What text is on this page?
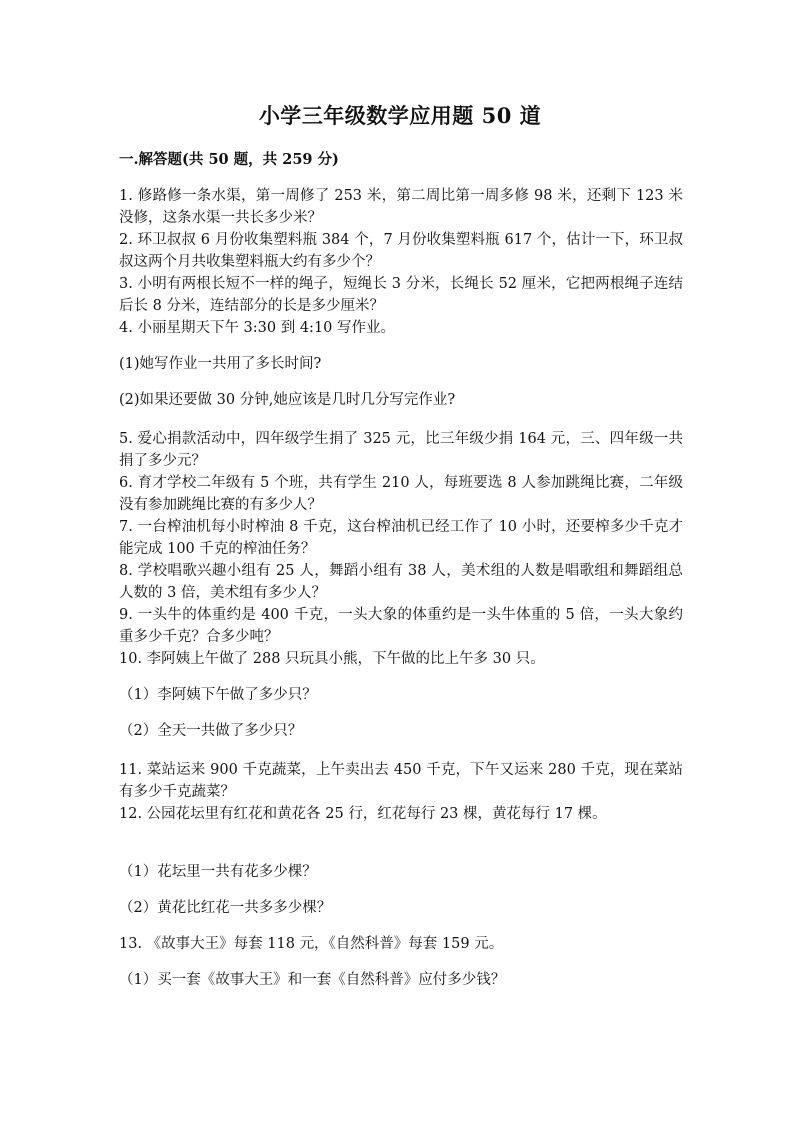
小学三年级数学应用题 50 道
一.解答题(共 50 题，共 259 分)

1. 修路修一条水渠，第一周修了 253 米，第二周比第一周多修 98 米，还剩下 123 米没修，这条水渠一共长多少米？

2. 环卫叔叔 6 月份收集塑料瓶 384 个，7 月份收集塑料瓶 617 个，估计一下，环卫叔叔这两个月共收集塑料瓶大约有多少个？

3. 小明有两根长短不一样的绳子，短绳长 3 分米，长绳长 52 厘米，它把两根绳子连结后长 8 分米，连结部分的长是多少厘米？

4. 小丽星期天下午 3:30 到 4:10 写作业。

(1)她写作业一共用了多长时间?

(2)如果还要做 30 分钟,她应该是几时几分写完作业?

5. 爱心捐款活动中，四年级学生捐了 325 元，比三年级少捐 164 元，三、四年级一共捐了多少元？

6. 育才学校二年级有 5 个班，共有学生 210 人，每班要选 8 人参加跳绳比赛，二年级没有参加跳绳比赛的有多少人？

7. 一台榨油机每小时榨油 8 千克，这台榨油机已经工作了 10 小时，还要榨多少千克才能完成 100 千克的榨油任务？

8. 学校唱歌兴趣小组有 25 人，舞蹈小组有 38 人，美术组的人数是唱歌组和舞蹈组总人数的 3 倍，美术组有多少人？

9. 一头牛的体重约是 400 千克，一头大象的体重约是一头牛体重的 5 倍，一头大象约重多少千克？合多少吨？

10. 李阿姨上午做了 288 只玩具小熊，下午做的比上午多 30 只。

（1）李阿姨下午做了多少只？

（2）全天一共做了多少只？

11. 菜站运来 900 千克蔬菜，上午卖出去 450 千克，下午又运来 280 千克，现在菜站有多少千克蔬菜？

12. 公园花坛里有红花和黄花各 25 行，红花每行 23 棵，黄花每行 17 棵。

（1）花坛里一共有花多少棵？

（2）黄花比红花一共多多少棵？

13. 《故事大王》每套 118 元，《自然科普》每套 159 元。

（1）买一套《故事大王》和一套《自然科普》应付多少钱？
